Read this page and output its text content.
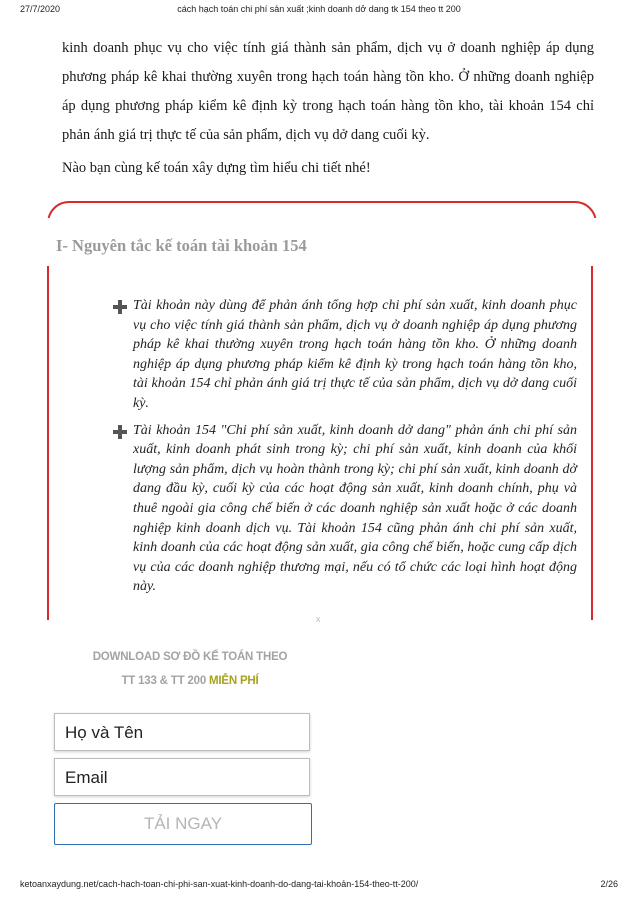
cách hạch toán chi phí sản xuất ;kinh doanh dở dang tk 154 theo tt 200
27/7/2020

kinh doanh phục vụ cho việc tính giá thành sản phẩm, dịch vụ ở doanh nghiệp áp dụng phương pháp kê khai thường xuyên trong hạch toán hàng tồn kho. Ở những doanh nghiệp áp dụng phương pháp kiểm kê định kỳ trong hạch toán hàng tồn kho, tài khoản 154 chỉ phản ánh giá trị thực tế của sản phẩm, dịch vụ dở dang cuối kỳ.

Nào bạn cùng kế toán xây dựng tìm hiểu chi tiết nhé!
I- Nguyên tắc kế toán tài khoản 154
Tài khoản này dùng để phản ánh tổng hợp chi phí sản xuất, kinh doanh phục vụ cho việc tính giá thành sản phẩm, dịch vụ ở doanh nghiệp áp dụng phương pháp kê khai thường xuyên trong hạch toán hàng tồn kho. Ở những doanh nghiệp áp dụng phương pháp kiểm kê định kỳ trong hạch toán hàng tồn kho, tài khoản 154 chỉ phản ánh giá trị thực tế của sản phẩm, dịch vụ dở dang cuối kỳ.
Tài khoản 154 "Chi phí sản xuất, kinh doanh dở dang" phản ánh chi phí sản xuất, kinh doanh phát sinh trong kỳ; chi phí sản xuất, kinh doanh của khối lượng sản phẩm, dịch vụ hoàn thành trong kỳ; chi phí sản xuất, kinh doanh dở dang đầu kỳ, cuối kỳ của các hoạt động sản xuất, kinh doanh chính, phụ và thuê ngoài gia công chế biến ở các doanh nghiệp sản xuất hoặc ở các doanh nghiệp kinh doanh dịch vụ. Tài khoản 154 cũng phản ánh chi phí sản xuất, kinh doanh của các hoạt động sản xuất, gia công chế biến, hoặc cung cấp dịch vụ của các doanh nghiệp thương mại, nếu có tổ chức các loại hình hoạt động này.
x
DOWNLOAD SƠ ĐỒ KẾ TOÁN THEO
TT 133 & TT 200 MIỄN PHÍ
Họ và Tên
Email
TẢI NGAY
ketoanxaydung.net/cach-hach-toan-chi-phi-san-xuat-kinh-doanh-do-dang-tai-khoản-154-theo-tt-200/	2/26
